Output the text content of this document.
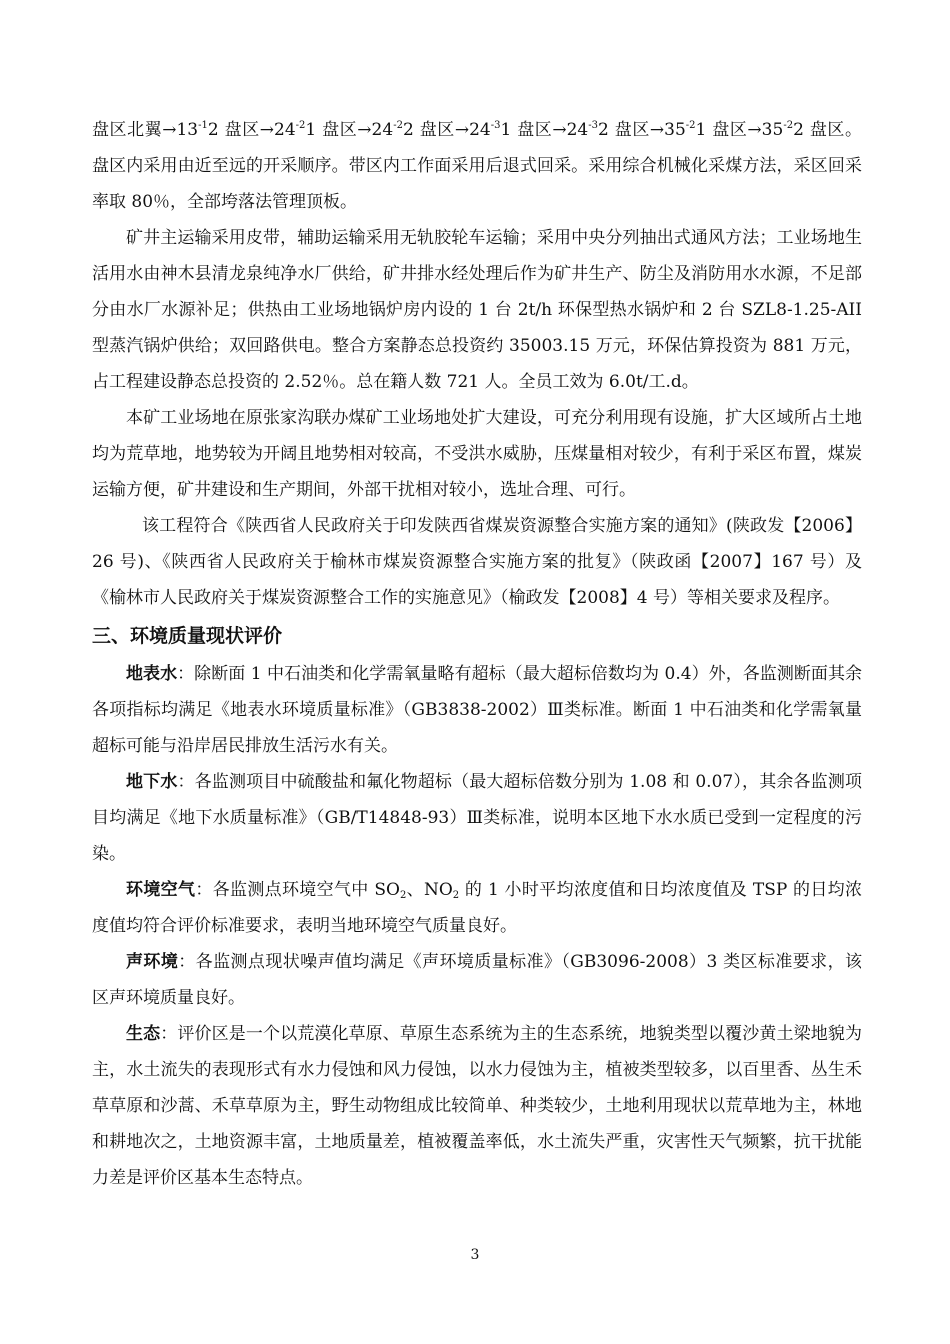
盘区北翼$\to 13^{-1}2$ 盘区$\to 24^{-2}1$ 盘区$\to 24^{-2}2$ 盘区$\to 24^{-3}1$ 盘区$\to 24^{-3}2$ 盘区$\to 35^{-2}1$ 盘区$\to 35^{-2}2$ 盘区。盘区内采用由近至远的开采顺序。带区内工作面采用后退式回采。采用综合机械化采煤方法，采区回采率取 80％，全部垮落法管理顶板。

矿井主运输采用皮带，辅助运输采用无轨胶轮车运输；采用中央分列抽出式通风方法；工业场地生活用水由神木县清龙泉纯净水厂供给，矿井排水经处理后作为矿井生产、防尘及消防用水水源，不足部分由水厂水源补足；供热由工业场地锅炉房内设的 1 台 2t/h 环保型热水锅炉和 2 台 SZL8-1.25-AII 型蒸汽锅炉供给；双回路供电。整合方案静态总投资约 35003.15 万元，环保估算投资为 881 万元，占工程建设静态总投资的 2.52％。总在籍人数 721 人。全员工效为 6.0t/工.d。

本矿工业场地在原张家沟联办煤矿工业场地处扩大建设，可充分利用现有设施，扩大区域所占土地均为荒草地，地势较为开阔且地势相对较高，不受洪水威胁，压煤量相对较少，有利于采区布置，煤炭运输方便，矿井建设和生产期间，外部干扰相对较小，选址合理、可行。

该工程符合《陕西省人民政府关于印发陕西省煤炭资源整合实施方案的通知》(陕政发【2006】26 号)、《陕西省人民政府关于榆林市煤炭资源整合实施方案的批复》（陕政函【2007】167 号）及《榆林市人民政府关于煤炭资源整合工作的实施意见》（榆政发【2008】4 号）等相关要求及程序。

三、环境质量现状评价

地表水：除断面 1 中石油类和化学需氧量略有超标（最大超标倍数均为 0.4）外，各监测断面其余各项指标均满足《地表水环境质量标准》（GB3838-2002）Ⅲ类标准。断面 1 中石油类和化学需氧量超标可能与沿岸居民排放生活污水有关。

地下水：各监测项目中硫酸盐和氟化物超标（最大超标倍数分别为 1.08 和 0.07），其余各监测项目均满足《地下水质量标准》（GB/T14848-93）Ⅲ类标准，说明本区地下水水质已受到一定程度的污染。

环境空气：各监测点环境空气中 $SO_2$、$NO_2$ 的 1 小时平均浓度值和日均浓度值及 TSP 的日均浓度值均符合评价标准要求，表明当地环境空气质量良好。

声环境：各监测点现状噪声值均满足《声环境质量标准》（GB3096-2008）3 类区标准要求，该区声环境质量良好。

生态：评价区是一个以荒漠化草原、草原生态系统为主的生态系统，地貌类型以覆沙黄土梁地貌为主，水土流失的表现形式有水力侵蚀和风力侵蚀，以水力侵蚀为主，植被类型较多，以百里香、丛生禾草草原和沙蒿、禾草草原为主，野生动物组成比较简单、种类较少，土地利用现状以荒草地为主，林地和耕地次之，土地资源丰富，土地质量差，植被覆盖率低，水土流失严重，灾害性天气频繁，抗干扰能力差是评价区基本生态特点。

3
